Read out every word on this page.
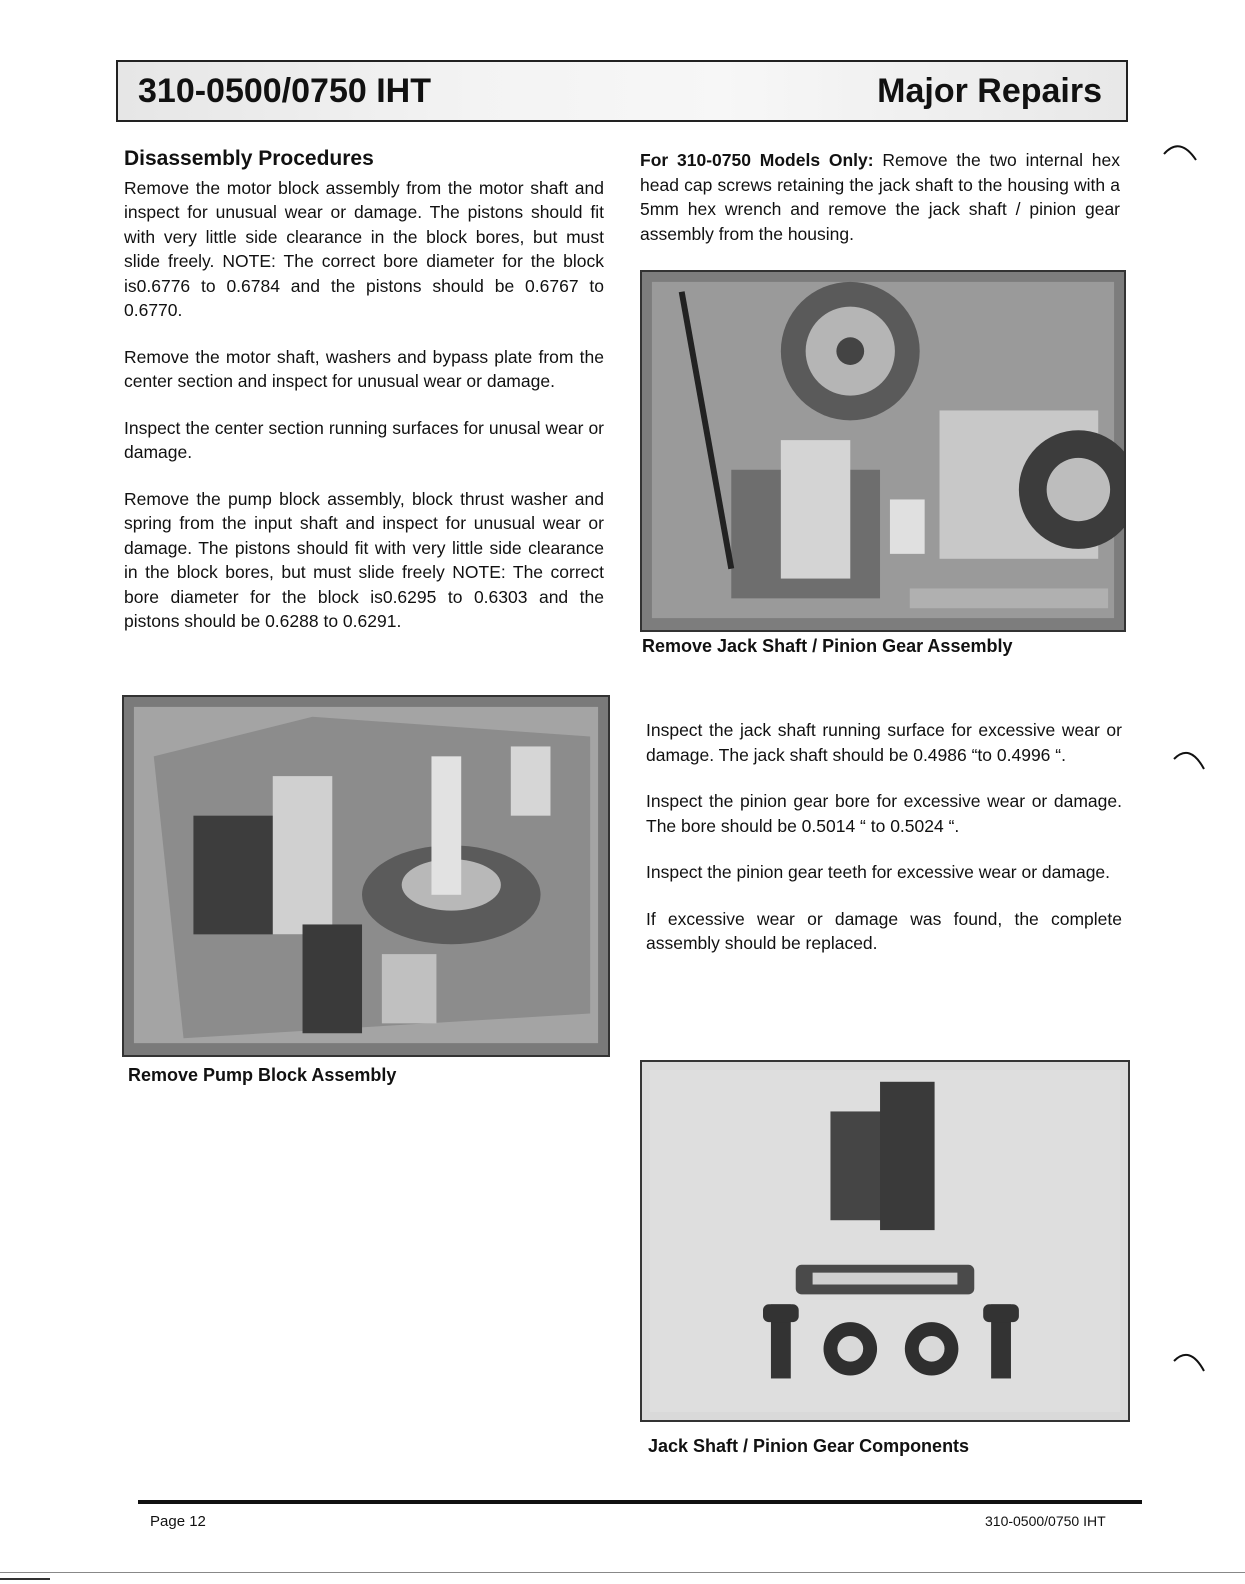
310-0500/0750 IHT	Major Repairs
Disassembly Procedures

Remove the motor block assembly from the motor shaft and inspect for unusual wear or damage. The pistons should fit with very little side clearance in the block bores, but must slide freely. NOTE: The correct bore diameter for the block is0.6776 to 0.6784 and the pistons should be 0.6767 to 0.6770.

Remove the motor shaft, washers and bypass plate from the center section and inspect for unusual wear or damage.

Inspect the center section running surfaces for unusal wear or damage.

Remove the pump block assembly, block thrust washer and spring from the input shaft and inspect for unusual wear or damage. The pistons should fit with very little side clearance in the block bores, but must slide freely NOTE: The correct bore diameter for the block is0.6295 to 0.6303 and the pistons should be 0.6288 to 0.6291.

For 310-0750 Models Only: Remove the two internal hex head cap screws retaining the jack shaft to the housing with a 5mm hex wrench and remove the jack shaft / pinion gear assembly from the housing.

Remove Jack Shaft / Pinion Gear Assembly

Inspect the jack shaft running surface for excessive wear or damage. The jack shaft should be 0.4986 “to 0.4996 “.

Inspect the pinion gear bore for excessive wear or damage. The bore should be 0.5014 “ to 0.5024 “.

Inspect the pinion gear teeth for excessive wear or damage.

If excessive wear or damage was found, the complete assembly should be replaced.

Remove Pump Block Assembly
Jack Shaft / Pinion Gear Components
Page 12	310-0500/0750 IHT
